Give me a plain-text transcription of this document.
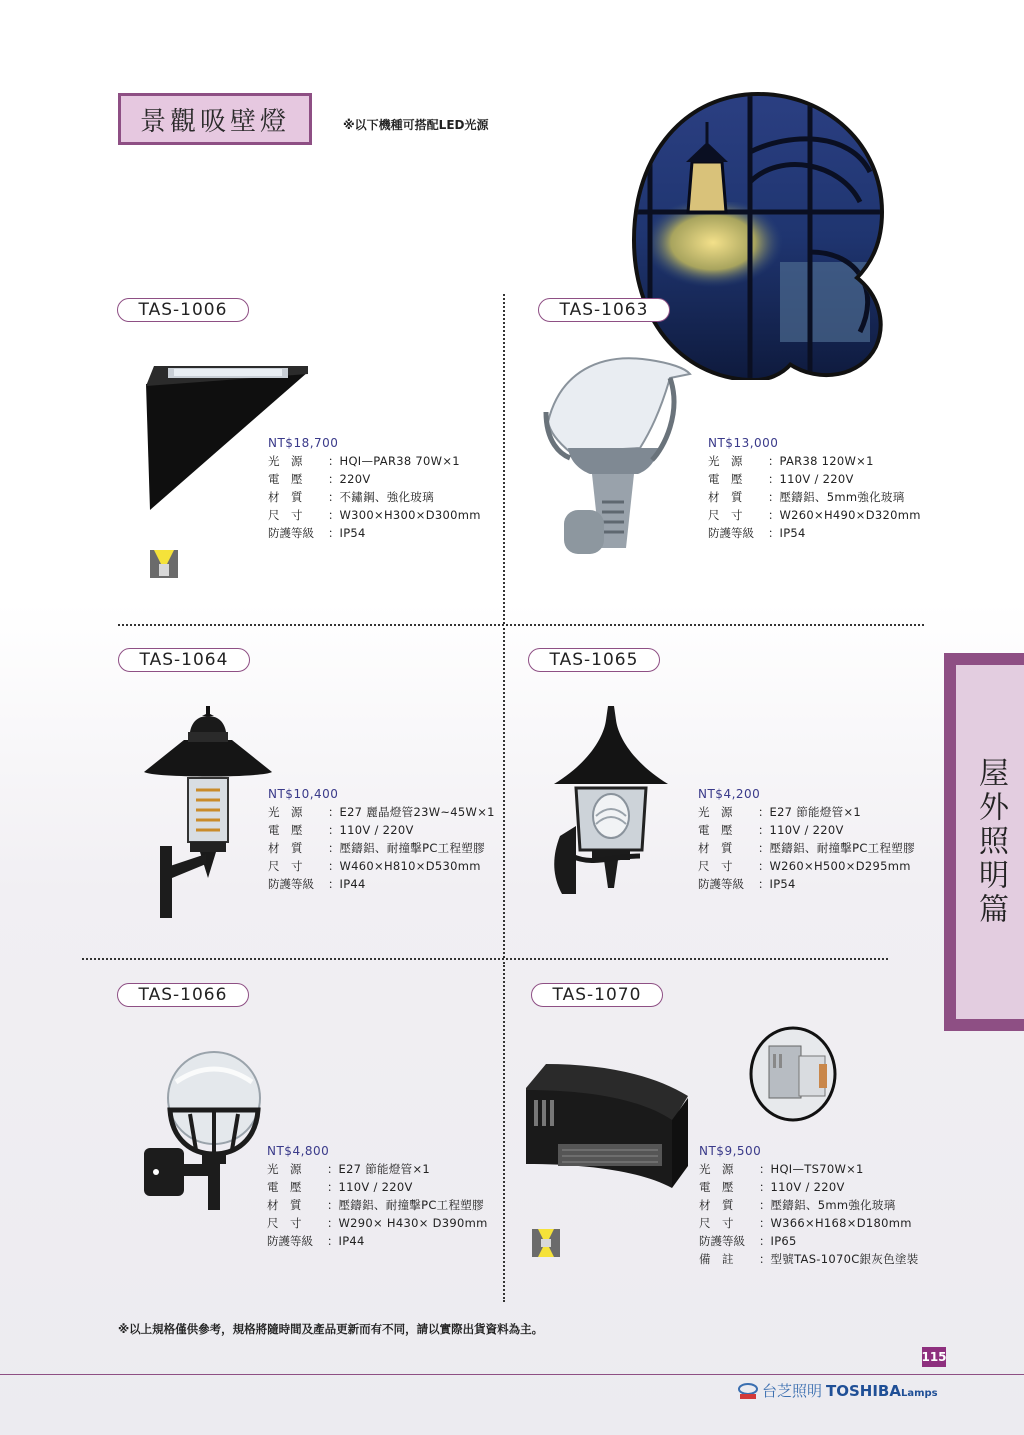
景觀吸壁燈	※以下機種可搭配LED光源
TAS-1006
NT$18,700
光　源	： HQI—PAR38 70W×1
電　壓	： 220V
材　質	： 不鏽鋼、強化玻璃
尺　寸	： W300×H300×D300mm
防護等級	： IP54
TAS-1063
NT$13,000
光　源	： PAR38 120W×1
電　壓	： 110V / 220V
材　質	： 壓鑄鋁、5mm強化玻璃
尺　寸	： W260×H490×D320mm
防護等級	： IP54
TAS-1064
NT$10,400
光　源	： E27 麗晶燈管23W~45W×1
電　壓	： 110V / 220V
材　質	： 壓鑄鋁、耐撞擊PC工程塑膠
尺　寸	： W460×H810×D530mm
防護等級	： IP44
TAS-1065
NT$4,200
光　源	： E27 節能燈管×1
電　壓	： 110V / 220V
材　質	： 壓鑄鋁、耐撞擊PC工程塑膠
尺　寸	： W260×H500×D295mm
防護等級	： IP54
TAS-1066
NT$4,800
光　源	： E27 節能燈管×1
電　壓	： 110V / 220V
材　質	： 壓鑄鋁、耐撞擊PC工程塑膠
尺　寸	： W290× H430× D390mm
防護等級	： IP44
TAS-1070
NT$9,500
光　源	： HQI—TS70W×1
電　壓	： 110V / 220V
材　質	： 壓鑄鋁、5mm強化玻璃
尺　寸	： W366×H168×D180mm
防護等級	： IP65
備　註	： 型號TAS-1070C銀灰色塗裝
屋外照明篇
※以上規格僅供參考，規格將隨時間及產品更新而有不同，請以實際出貨資料為主。
115
台芝照明 TOSHIBALamps
